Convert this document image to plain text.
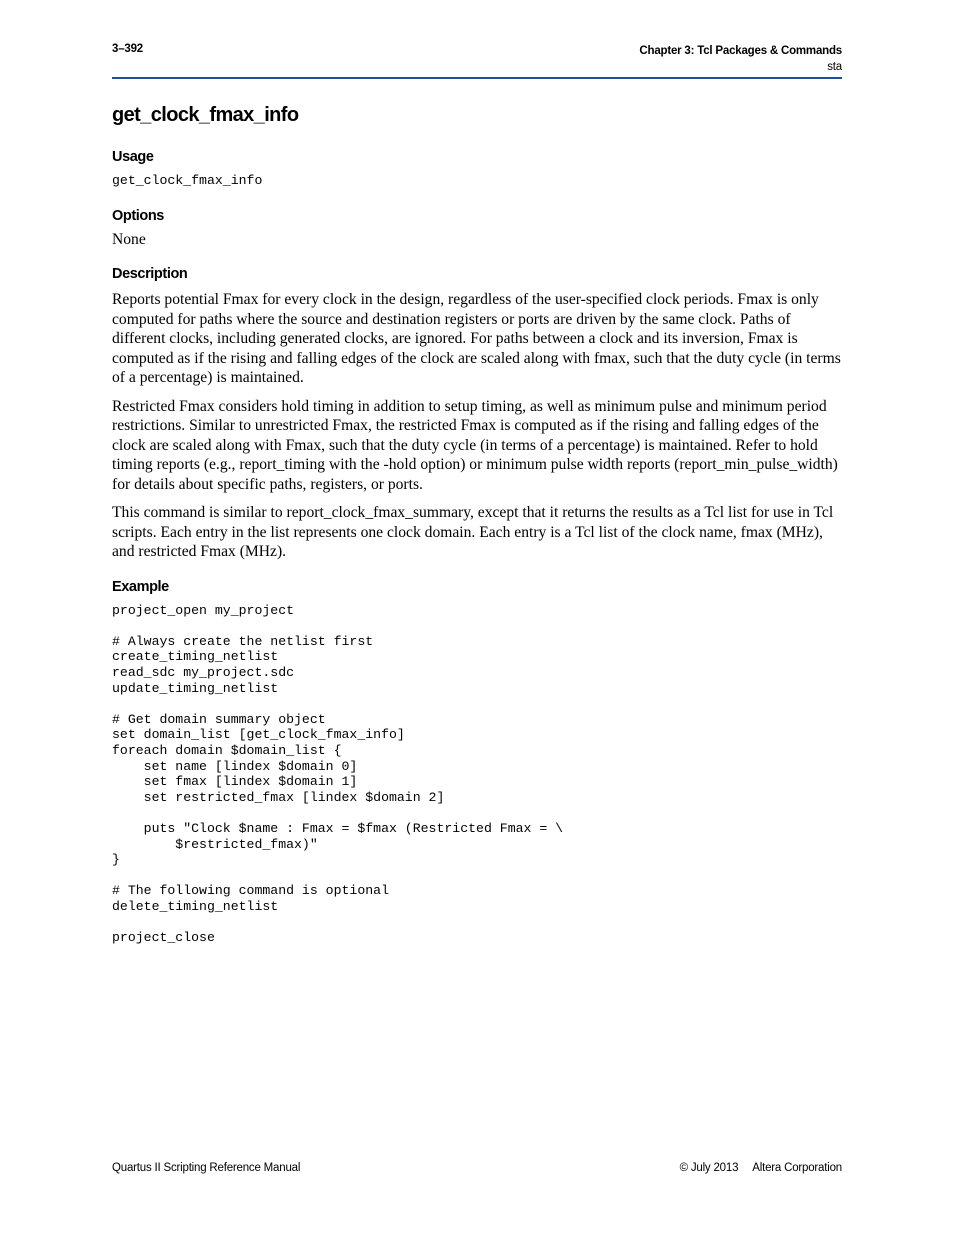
3–392	Chapter 3: Tcl Packages & Commands
sta
get_clock_fmax_info
Usage
get_clock_fmax_info
Options

None

Description

Reports potential Fmax for every clock in the design, regardless of the user-specified clock periods. Fmax is only computed for paths where the source and destination registers or ports are driven by the same clock. Paths of different clocks, including generated clocks, are ignored. For paths between a clock and its inversion, Fmax is computed as if the rising and falling edges of the clock are scaled along with fmax, such that the duty cycle (in terms of a percentage) is maintained.

Restricted Fmax considers hold timing in addition to setup timing, as well as minimum pulse and minimum period restrictions. Similar to unrestricted Fmax, the restricted Fmax is computed as if the rising and falling edges of the clock are scaled along with Fmax, such that the duty cycle (in terms of a percentage) is maintained. Refer to hold timing reports (e.g., report_timing with the -hold option) or minimum pulse width reports (report_min_pulse_width) for details about specific paths, registers, or ports.

This command is similar to report_clock_fmax_summary, except that it returns the results as a Tcl list for use in Tcl scripts. Each entry in the list represents one clock domain. Each entry is a Tcl list of the clock name, fmax (MHz), and restricted Fmax (MHz).

Example
project_open my_project

# Always create the netlist first
create_timing_netlist
read_sdc my_project.sdc
update_timing_netlist

# Get domain summary object
set domain_list [get_clock_fmax_info]
foreach domain $domain_list {
set name [lindex $domain 0]
set fmax [lindex $domain 1]
set restricted_fmax [lindex $domain 2]

puts "Clock $name : Fmax = $fmax (Restricted Fmax = \
$restricted_fmax)"
}

# The following command is optional
delete_timing_netlist

project_close
Quartus II Scripting Reference Manual	© July 2013 Altera Corporation
